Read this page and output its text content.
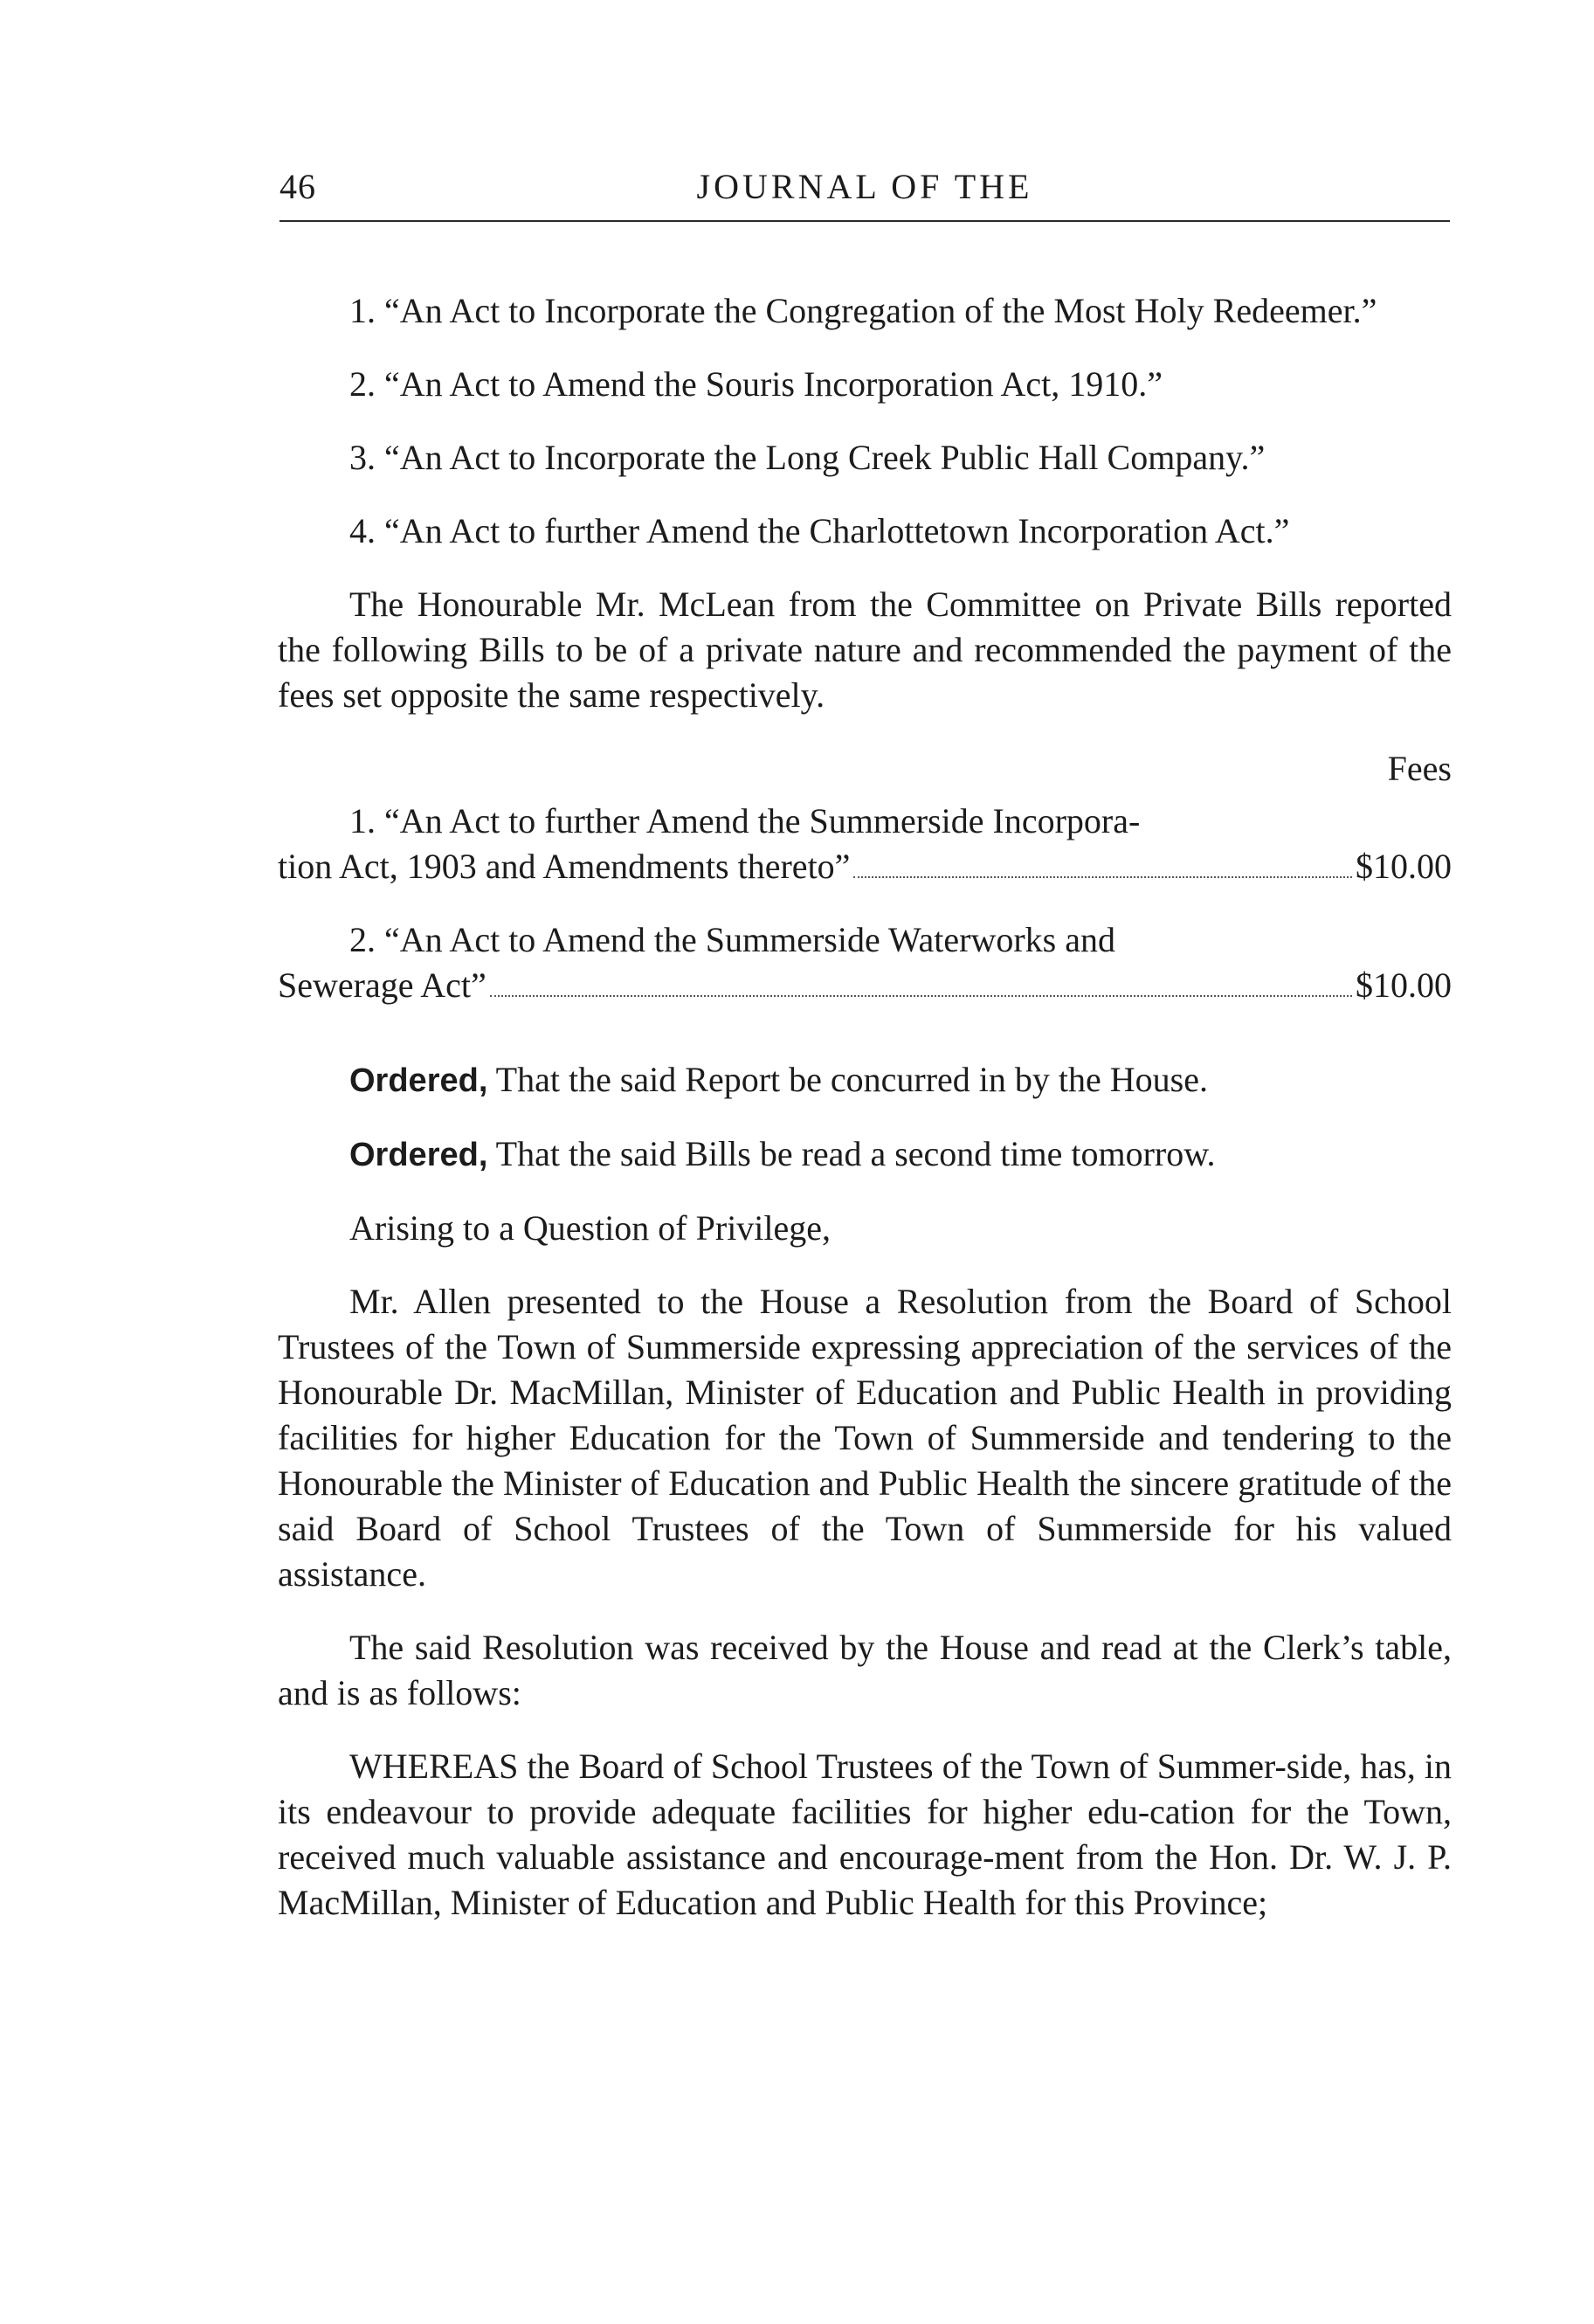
46	JOURNAL OF THE

1. “An Act to Incorporate the Congregation of the Most Holy Redeemer.”

2. “An Act to Amend the Souris Incorporation Act, 1910.”

3. “An Act to Incorporate the Long Creek Public Hall Company.”

4. “An Act to further Amend the Charlottetown Incorporation Act.”

The Honourable Mr. McLean from the Committee on Private Bills reported the following Bills to be of a private nature and recommended the payment of the fees set opposite the same respectively.

Fees

1. “An Act to further Amend the Summerside Incorpora-

tion Act, 1903 and Amendments thereto”	$10.00

2. “An Act to Amend the Summerside Waterworks and

Sewerage Act”	$10.00

Ordered, That the said Report be concurred in by the House.

Ordered, That the said Bills be read a second time tomorrow.

Arising to a Question of Privilege,

Mr. Allen presented to the House a Resolution from the Board of School Trustees of the Town of Summerside expressing appreciation of the services of the Honourable Dr. MacMillan, Minister of Education and Public Health in providing facilities for higher Education for the Town of Summerside and tendering to the Honourable the Minister of Education and Public Health the sincere gratitude of the said Board of School Trustees of the Town of Summerside for his valued assistance.

The said Resolution was received by the House and read at the Clerk’s table, and is as follows:

WHEREAS the Board of School Trustees of the Town of Summer-side, has, in its endeavour to provide adequate facilities for higher edu-cation for the Town, received much valuable assistance and encourage-ment from the Hon. Dr. W. J. P. MacMillan, Minister of Education and Public Health for this Province;
